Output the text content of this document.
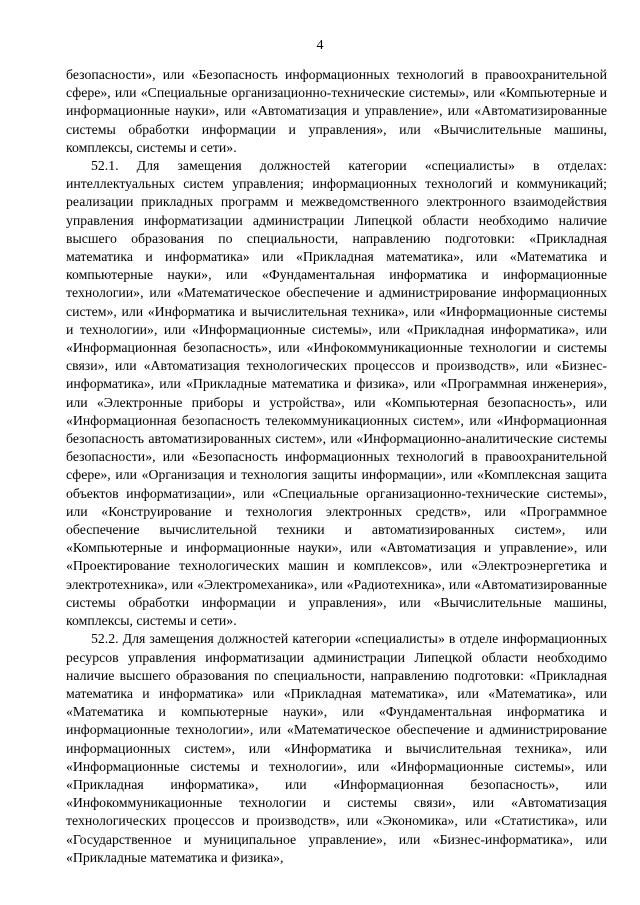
4

безопасности», или «Безопасность информационных технологий в правоохранительной сфере», или «Специальные организационно-технические системы», или «Компьютерные и информационные науки», или «Автоматизация и управление», или «Автоматизированные системы обработки информации и управления», или «Вычислительные машины, комплексы, системы и сети».

52.1. Для замещения должностей категории «специалисты» в отделах: интеллектуальных систем управления; информационных технологий и коммуникаций; реализации прикладных программ и межведомственного электронного взаимодействия управления информатизации администрации Липецкой области необходимо наличие высшего образования по специальности, направлению подготовки: «Прикладная математика и информатика» или «Прикладная математика», или «Математика и компьютерные науки», или «Фундаментальная информатика и информационные технологии», или «Математическое обеспечение и администрирование информационных систем», или «Информатика и вычислительная техника», или «Информационные системы и технологии», или «Информационные системы», или «Прикладная информатика», или «Информационная безопасность», или «Инфокоммуникационные технологии и системы связи», или «Автоматизация технологических процессов и производств», или «Бизнес-информатика», или «Прикладные математика и физика», или «Программная инженерия», или «Электронные приборы и устройства», или «Компьютерная безопасность», или «Информационная безопасность телекоммуникационных систем», или «Информационная безопасность автоматизированных систем», или «Информационно-аналитические системы безопасности», или «Безопасность информационных технологий в правоохранительной сфере», или «Организация и технология защиты информации», или «Комплексная защита объектов информатизации», или «Специальные организационно-технические системы», или «Конструирование и технология электронных средств», или «Программное обеспечение вычислительной техники и автоматизированных систем», или «Компьютерные и информационные науки», или «Автоматизация и управление», или «Проектирование технологических машин и комплексов», или «Электроэнергетика и электротехника», или «Электромеханика», или «Радиотехника», или «Автоматизированные системы обработки информации и управления», или «Вычислительные машины, комплексы, системы и сети».

52.2. Для замещения должностей категории «специалисты» в отделе информационных ресурсов управления информатизации администрации Липецкой области необходимо наличие высшего образования по специальности, направлению подготовки: «Прикладная математика и информатика» или «Прикладная математика», или «Математика», или «Математика и компьютерные науки», или «Фундаментальная информатика и информационные технологии», или «Математическое обеспечение и администрирование информационных систем», или «Информатика и вычислительная техника», или «Информационные системы и технологии», или «Информационные системы», или «Прикладная информатика», или «Информационная безопасность», или «Инфокоммуникационные технологии и системы связи», или «Автоматизация технологических процессов и производств», или «Экономика», или «Статистика», или «Государственное и муниципальное управление», или «Бизнес-информатика», или «Прикладные математика и физика»,
